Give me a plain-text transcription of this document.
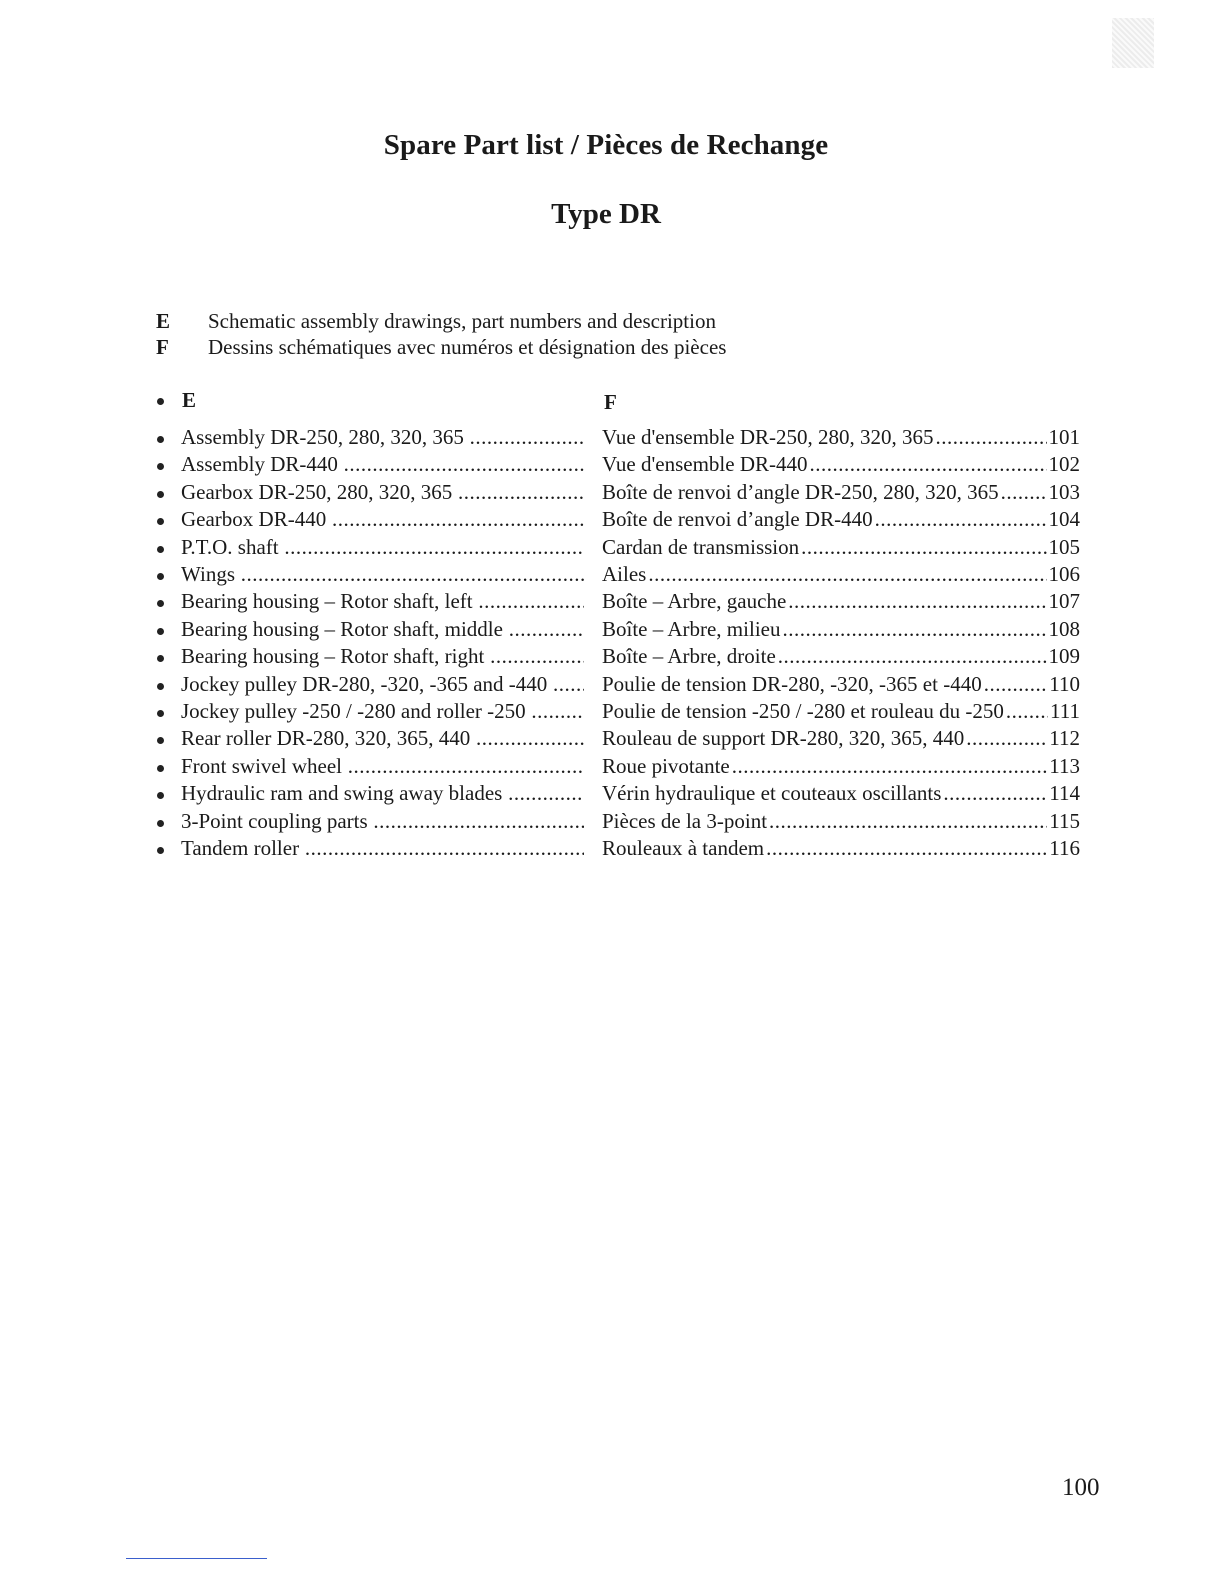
Spare Part list / Pièces de Rechange
Type DR
E Schematic assembly drawings, part numbers and description
F Dessins schématiques avec numéros et désignation des pièces
E	F
Assembly DR-250, 280, 320, 365 .....	Vue d'ensemble DR-250, 280, 320, 365 .....	101
Assembly DR-440 .....	Vue d'ensemble DR-440 .....	102
Gearbox DR-250, 280, 320, 365 .....	Boîte de renvoi d’angle DR-250, 280, 320, 365 ..... 103
Gearbox DR-440 .....	Boîte de renvoi d’angle DR-440 .....	104
P.T.O. shaft .....	Cardan de transmission .....	105
Wings .....	Ailes .....	106
Bearing housing – Rotor shaft, left .....	Boîte – Arbre, gauche .....	107
Bearing housing – Rotor shaft, middle .....	Boîte – Arbre, milieu .....	108
Bearing housing – Rotor shaft, right .....	Boîte – Arbre, droite .....	109
Jockey pulley DR-280, -320, -365 and -440 .....	Poulie de tension DR-280, -320, -365 et -440 .....	110
Jockey pulley -250 / -280 and roller -250 .....	Poulie de tension -250 / -280 et rouleau du -250 ..... 111
Rear roller DR-280, 320, 365, 440 .....	Rouleau de support DR-280, 320, 365, 440 .....	112
Front swivel wheel .....	Roue pivotante .....	113
Hydraulic ram and swing away blades .....	Vérin hydraulique et couteaux oscillants .....	114
3-Point coupling parts .....	Pièces de la 3-point .....	115
Tandem roller .....	Rouleaux à tandem .....	116
100
